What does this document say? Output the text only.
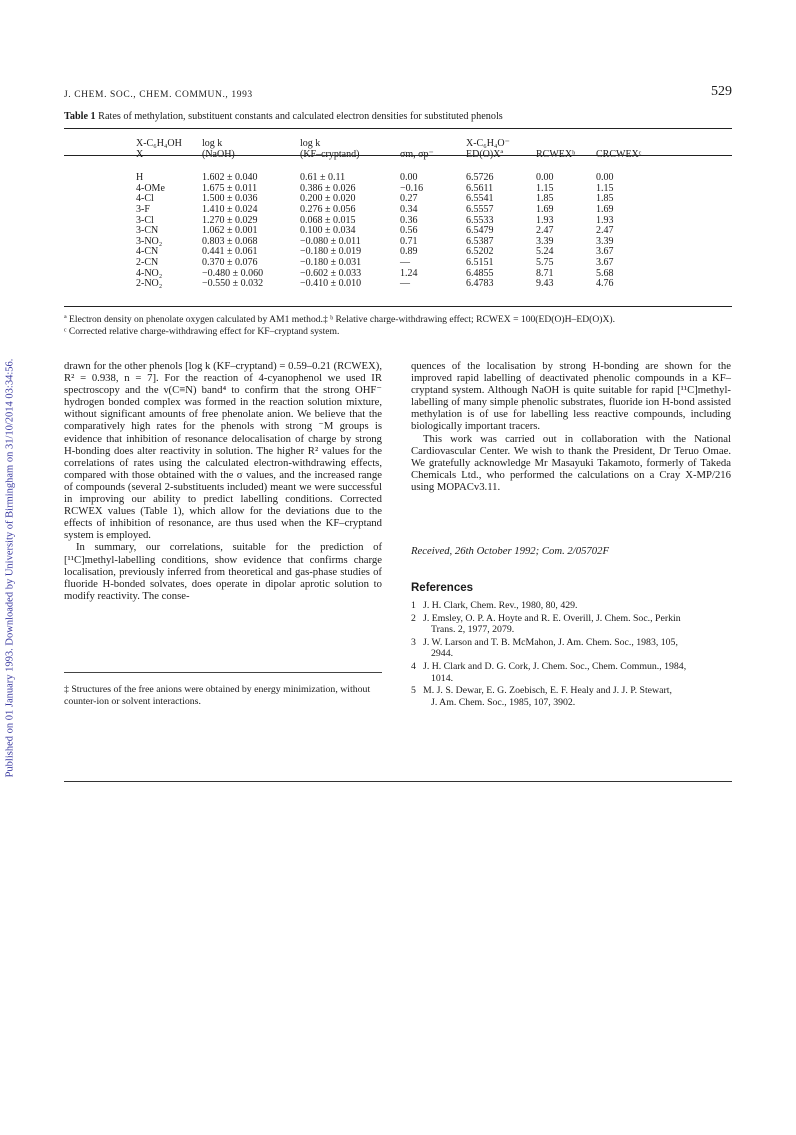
Published on 01 January 1993. Downloaded by University of Birmingham on 31/10/2014 03:34:56.
J. CHEM. SOC., CHEM. COMMUN., 1993	529
Table 1 Rates of methylation, substituent constants and calculated electron densities for substituted phenols
X-C₆H₄OH	log k	log k		X-C₆H₄O⁻		
X	(NaOH)	(KF–cryptand)	σm, σp⁻	ED(O)Xª	RCWEXᵇ	CRCWEXᶜ

H	1.602 ± 0.040	0.61 ± 0.11	0.00	6.5726	0.00	0.00
4-OMe	1.675 ± 0.011	0.386 ± 0.026	−0.16	6.5611	1.15	1.15
4-Cl	1.500 ± 0.036	0.200 ± 0.020	0.27	6.5541	1.85	1.85
3-F	1.410 ± 0.024	0.276 ± 0.056	0.34	6.5557	1.69	1.69
3-Cl	1.270 ± 0.029	0.068 ± 0.015	0.36	6.5533	1.93	1.93
3-CN	1.062 ± 0.001	0.100 ± 0.034	0.56	6.5479	2.47	2.47
3-NO₂	0.803 ± 0.068	−0.080 ± 0.011	0.71	6.5387	3.39	3.39
4-CN	0.441 ± 0.061	−0.180 ± 0.019	0.89	6.5202	5.24	3.67
2-CN	0.370 ± 0.076	−0.180 ± 0.031	—	6.5151	5.75	3.67
4-NO₂	−0.480 ± 0.060	−0.602 ± 0.033	1.24	6.4855	8.71	5.68
2-NO₂	−0.550 ± 0.032	−0.410 ± 0.010	—	6.4783	9.43	4.76
ª Electron density on phenolate oxygen calculated by AM1 method.‡ ᵇ Relative charge-withdrawing effect; RCWEX = 100(ED(O)H–ED(O)X).
ᶜ Corrected relative charge-withdrawing effect for KF–cryptand system.

drawn for the other phenols [log k (KF–cryptand) = 0.59–0.21 (RCWEX), R² = 0.938, n = 7]. For the reaction of 4-cyanophenol we used IR spectroscopy and the ν(C≡N) band⁴ to confirm that the strong OHF⁻ hydrogen bonded complex was formed in the reaction solution mixture, without significant amounts of free phenolate anion. We believe that the comparatively high rates for the phenols with strong ⁻M groups is evidence that inhibition of resonance delocalisation of charge by strong H-bonding does alter reactivity in solution. The higher R² values for the correlations of rates using the calculated electron-withdrawing effects, compared with those obtained with the σ values, and the increased range of compounds (several 2-substituents included) meant we were successful in improving our ability to predict labelling conditions. Corrected RCWEX values (Table 1), which allow for the deviations due to the effects of inhibition of resonance, are thus used when the KF–cryptand system is employed.

In summary, our correlations, suitable for the prediction of [¹¹C]methyl-labelling conditions, show evidence that confirms charge localisation, previously inferred from theoretical and gas-phase studies of fluoride H-bonded solvates, does operate in dipolar aprotic solution to modify reactivity. The conse-

‡ Structures of the free anions were obtained by energy minimization, without counter-ion or solvent interactions.

quences of the localisation by strong H-bonding are shown for the improved rapid labelling of deactivated phenolic compounds in a KF–cryptand system. Although NaOH is quite suitable for rapid [¹¹C]methyl-labelling of many simple phenolic substrates, fluoride ion H-bond assisted methylation is of use for labelling less reactive compounds, including biologically important tracers.

This work was carried out in collaboration with the National Cardiovascular Center. We wish to thank the President, Dr Teruo Omae. We gratefully acknowledge Mr Masayuki Takamoto, formerly of Takeda Chemicals Ltd., who performed the calculations on a Cray X-MP/216 using MOPACv3.11.

Received, 26th October 1992; Com. 2/05702F
References
1 J. H. Clark, Chem. Rev., 1980, 80, 429.
2 J. Emsley, O. P. A. Hoyte and R. E. Overill, J. Chem. Soc., Perkin
Trans. 2, 1977, 2079.
3 J. W. Larson and T. B. McMahon, J. Am. Chem. Soc., 1983, 105,
2944.
4 J. H. Clark and D. G. Cork, J. Chem. Soc., Chem. Commun., 1984,
1014.
5 M. J. S. Dewar, E. G. Zoebisch, E. F. Healy and J. J. P. Stewart,
J. Am. Chem. Soc., 1985, 107, 3902.
